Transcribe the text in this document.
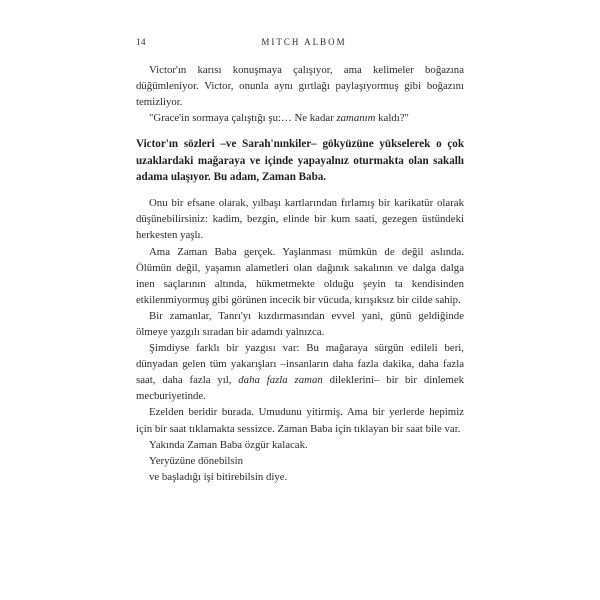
14	MITCH ALBOM

Victor'ın karısı konuşmaya çalışıyor, ama kelimeler boğazına düğümleniyor. Victor, onunla aynı gırtlağı paylaşıyormuş gibi boğazını temizliyor.

"Grace'in sormaya çalıştığı şu:… Ne kadar zamanım kaldı?"

Victor'ın sözleri –ve Sarah'nınkiler– gökyüzüne yükselerek o çok uzaklardaki mağaraya ve içinde yapayalnız oturmakta olan sakallı adama ulaşıyor. Bu adam, Zaman Baba.

Onu bir efsane olarak, yılbaşı kartlarından fırlamış bir karikatür olarak düşünebilirsiniz: kadim, bezgin, elinde bir kum saati, gezegen üstündeki herkesten yaşlı.

Ama Zaman Baba gerçek. Yaşlanması mümkün de değil aslında. Ölümün değil, yaşamın alametleri olan dağınık sakalının ve dalga dalga inen saçlarının altında, hükmetmekte olduğu şeyin ta kendisinden etkilenmiyormuş gibi görünen incecik bir vücuda, kırışıksız bir cilde sahip.

Bir zamanlar, Tanrı'yı kızdırmasından evvel yani, günü geldiğinde ölmeye yazgılı sıradan bir adamdı yalnızca.

Şimdiyse farklı bir yazgısı var: Bu mağaraya sürgün edileli beri, dünyadan gelen tüm yakarışları –insanların daha fazla dakika, daha fazla saat, daha fazla yıl, daha fazla zaman dileklerini– bir bir dinlemek mecburiyetinde.

Ezelden beridir burada. Umudunu yitirmiş. Ama bir yerlerde hepimiz için bir saat tıklamakta sessizce. Zaman Baba için tıklayan bir saat bile var.

Yakında Zaman Baba özgür kalacak.

Yeryüzüne dönebilsin

ve başladığı işi bitirebilsin diye.
